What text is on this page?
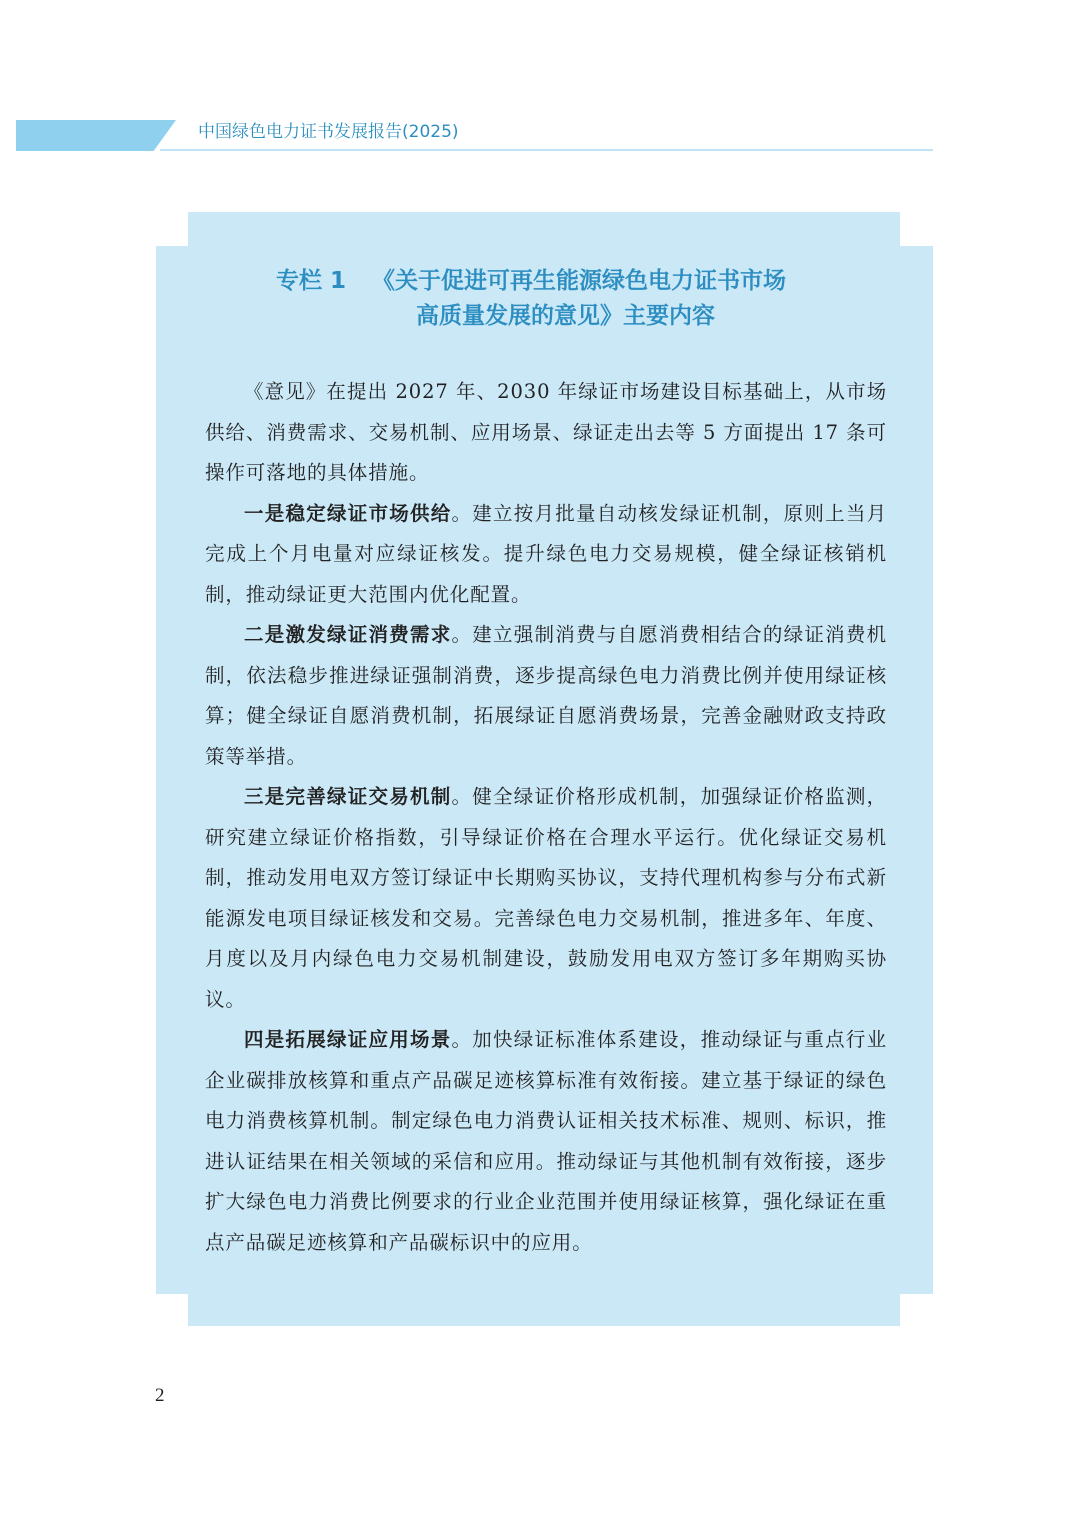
中国绿色电力证书发展报告(2025)
专栏 1 《关于促进可再生能源绿色电力证书市场
高质量发展的意见》主要内容

《意见》在提出 2027 年、2030 年绿证市场建设目标基础上，从市场供给、消费需求、交易机制、应用场景、绿证走出去等 5 方面提出 17 条可操作可落地的具体措施。

一是稳定绿证市场供给。建立按月批量自动核发绿证机制，原则上当月完成上个月电量对应绿证核发。提升绿色电力交易规模，健全绿证核销机制，推动绿证更大范围内优化配置。

二是激发绿证消费需求。建立强制消费与自愿消费相结合的绿证消费机制，依法稳步推进绿证强制消费，逐步提高绿色电力消费比例并使用绿证核算；健全绿证自愿消费机制，拓展绿证自愿消费场景，完善金融财政支持政策等举措。

三是完善绿证交易机制。健全绿证价格形成机制，加强绿证价格监测，研究建立绿证价格指数，引导绿证价格在合理水平运行。优化绿证交易机制，推动发用电双方签订绿证中长期购买协议，支持代理机构参与分布式新能源发电项目绿证核发和交易。完善绿色电力交易机制，推进多年、年度、月度以及月内绿色电力交易机制建设，鼓励发用电双方签订多年期购买协议。

四是拓展绿证应用场景。加快绿证标准体系建设，推动绿证与重点行业企业碳排放核算和重点产品碳足迹核算标准有效衔接。建立基于绿证的绿色电力消费核算机制。制定绿色电力消费认证相关技术标准、规则、标识，推进认证结果在相关领域的采信和应用。推动绿证与其他机制有效衔接，逐步扩大绿色电力消费比例要求的行业企业范围并使用绿证核算，强化绿证在重点产品碳足迹核算和产品碳标识中的应用。

2
